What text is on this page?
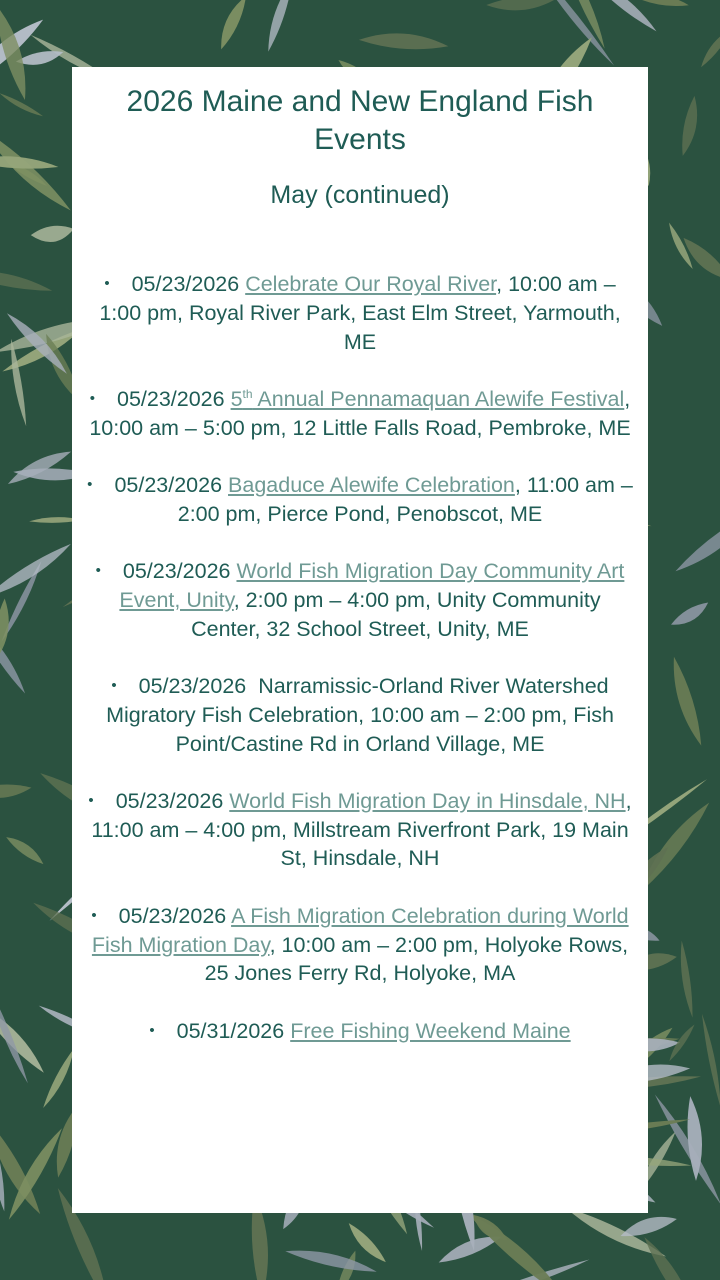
2026 Maine and New England Fish Events
May (continued)
• 05/23/2026 Celebrate Our Royal River, 10:00 am – 1:00 pm, Royal River Park, East Elm Street, Yarmouth, ME
• 05/23/2026 5th Annual Pennamaquan Alewife Festival, 10:00 am – 5:00 pm, 12 Little Falls Road, Pembroke, ME
• 05/23/2026 Bagaduce Alewife Celebration, 11:00 am – 2:00 pm, Pierce Pond, Penobscot, ME
• 05/23/2026 World Fish Migration Day Community Art Event, Unity, 2:00 pm – 4:00 pm, Unity Community Center, 32 School Street, Unity, ME
• 05/23/2026 Narramissic-Orland River Watershed Migratory Fish Celebration, 10:00 am – 2:00 pm, Fish Point/Castine Rd in Orland Village, ME
• 05/23/2026 World Fish Migration Day in Hinsdale, NH, 11:00 am – 4:00 pm, Millstream Riverfront Park, 19 Main St, Hinsdale, NH
• 05/23/2026 A Fish Migration Celebration during World Fish Migration Day, 10:00 am – 2:00 pm, Holyoke Rows, 25 Jones Ferry Rd, Holyoke, MA
• 05/31/2026 Free Fishing Weekend Maine
